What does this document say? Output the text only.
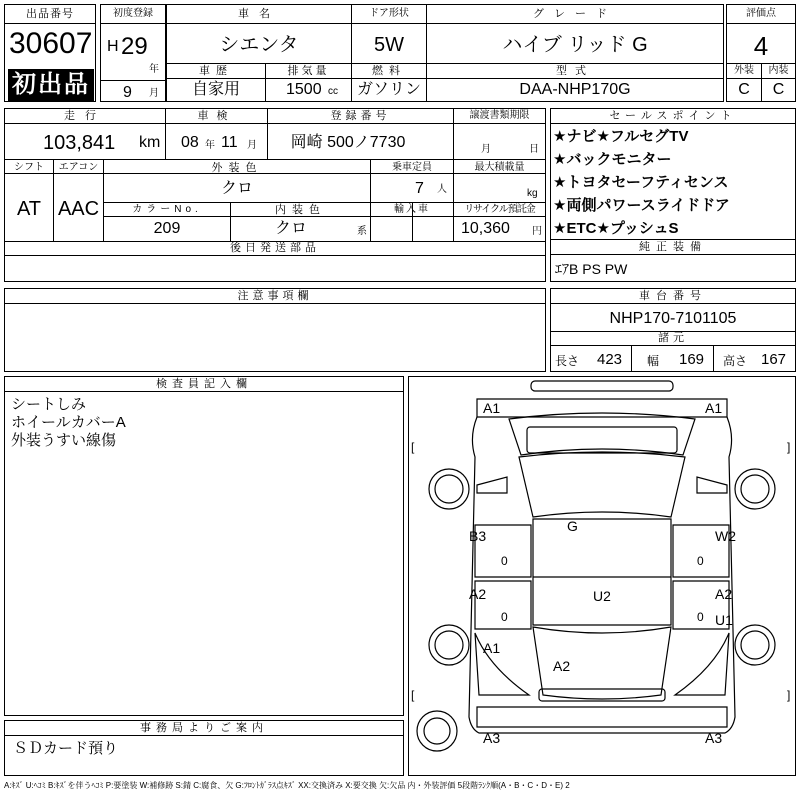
出品番号
30607
初出品
初度登録
H 29
年
9 月
車名
シエンタ
ドア形状
5W
グレード
ハイブ リッド G
評価点
4
車歴
自家用
排気量
1500 cc
燃料
ガソリン
型式
DAA-NHP170G
外装	内装
C	C
走行
103,841 km
車検
08 年 11 月
登録番号
岡崎 500ノ7730
譲渡書類期限
月	日
シフト
AT
エアコン
AAC
外装色
クロ
乗車定員
7 人
最大積載量
kg
カラーNo.
209
内装色
クロ	系
輸入車	リサイクル預託金
10,360 円
後日発送部品
セールスポイント
★ナビ★フルセグTV
★バックモニター
★トヨタセーフティセンス
★両側パワースライドドア
★ETC★プッシュS
純正装備
ｴｱB PS PW
注意事項欄	車台番号
NHP170-7101105
諸元
長さ 423 幅 169 高さ 167
検査員記入欄
シートしみ
ホイールカバーA
外装うすい線傷
事務局よりご案内
ＳＤカード預り
A1	A1
B3
G
W2
A2	A2
U2
U1
A1
A2
A3	A3
[	]
[	]
0	0
0	0
A:ｷｽﾞ U:ﾍｺﾐ B:ｷｽﾞを伴うﾍｺﾐ P:要塗装 W:補修跡 S:錆 C:腐食、欠 G:ﾌﾛﾝﾄｶﾞﾗｽ点ｷｽﾞ XX:交換済み X:要交換 欠:欠品 内・外装評価 5段階ﾗﾝｸ順(A・B・C・D・E) 2
